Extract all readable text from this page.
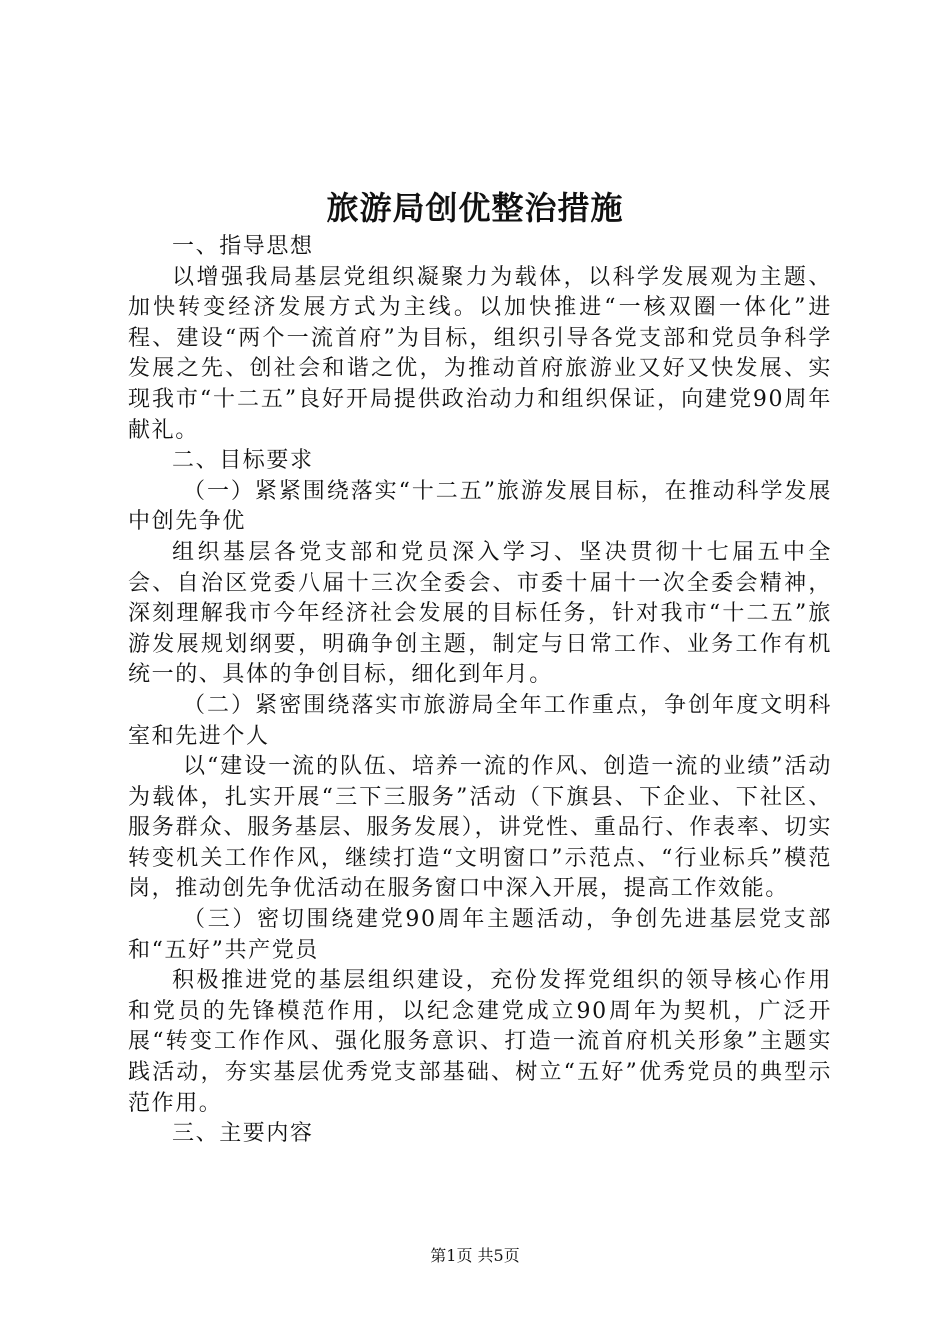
旅游局创优整治措施

一、指导思想

以增强我局基层党组织凝聚力为载体，以科学发展观为主题、加快转变经济发展方式为主线。以加快推进“一核双圈一体化”进程、建设“两个一流首府”为目标，组织引导各党支部和党员争科学发展之先、创社会和谐之优，为推动首府旅游业又好又快发展、实现我市“十二五”良好开局提供政治动力和组织保证，向建党90周年献礼。

二、目标要求

（一）紧紧围绕落实“十二五”旅游发展目标，在推动科学发展中创先争优

组织基层各党支部和党员深入学习、坚决贯彻十七届五中全会、自治区党委八届十三次全委会、市委十届十一次全委会精神，深刻理解我市今年经济社会发展的目标任务，针对我市“十二五”旅游发展规划纲要，明确争创主题，制定与日常工作、业务工作有机统一的、具体的争创目标，细化到年月。

（二）紧密围绕落实市旅游局全年工作重点，争创年度文明科室和先进个人

以“建设一流的队伍、培养一流的作风、创造一流的业绩”活动为载体，扎实开展“三下三服务”活动（下旗县、下企业、下社区、服务群众、服务基层、服务发展），讲党性、重品行、作表率、切实转变机关工作作风，继续打造“文明窗口”示范点、“行业标兵”模范岗，推动创先争优活动在服务窗口中深入开展，提高工作效能。

（三）密切围绕建党90周年主题活动，争创先进基层党支部和“五好”共产党员

积极推进党的基层组织建设，充份发挥党组织的领导核心作用和党员的先锋模范作用，以纪念建党成立90周年为契机，广泛开展“转变工作作风、强化服务意识、打造一流首府机关形象”主题实践活动，夯实基层优秀党支部基础、树立“五好”优秀党员的典型示范作用。

三、主要内容

第1页 共5页
